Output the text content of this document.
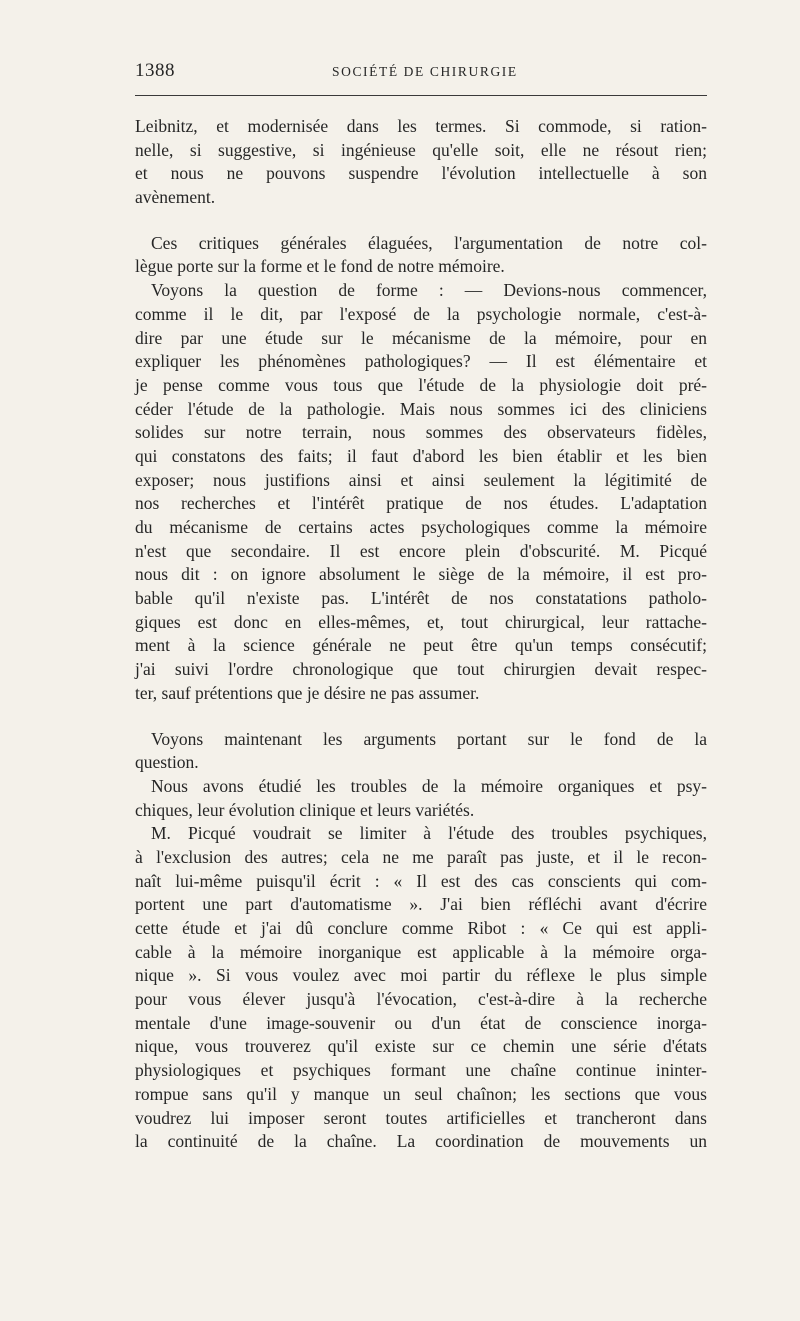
1388	SOCIÉTÉ DE CHIRURGIE
Leibnitz, et modernisée dans les termes. Si commode, si ration-
nelle, si suggestive, si ingénieuse qu'elle soit, elle ne résout rien;
et nous ne pouvons suspendre l'évolution intellectuelle à son
avènement.
Ces critiques générales élaguées, l'argumentation de notre col-
lègue porte sur la forme et le fond de notre mémoire.
Voyons la question de forme : — Devions-nous commencer,
comme il le dit, par l'exposé de la psychologie normale, c'est-à-
dire par une étude sur le mécanisme de la mémoire, pour en
expliquer les phénomènes pathologiques? — Il est élémentaire et
je pense comme vous tous que l'étude de la physiologie doit pré-
céder l'étude de la pathologie. Mais nous sommes ici des cliniciens
solides sur notre terrain, nous sommes des observateurs fidèles,
qui constatons des faits; il faut d'abord les bien établir et les bien
exposer; nous justifions ainsi et ainsi seulement la légitimité de
nos recherches et l'intérêt pratique de nos études. L'adaptation
du mécanisme de certains actes psychologiques comme la mémoire
n'est que secondaire. Il est encore plein d'obscurité. M. Picqué
nous dit : on ignore absolument le siège de la mémoire, il est pro-
bable qu'il n'existe pas. L'intérêt de nos constatations patholo-
giques est donc en elles-mêmes, et, tout chirurgical, leur rattache-
ment à la science générale ne peut être qu'un temps consécutif;
j'ai suivi l'ordre chronologique que tout chirurgien devait respec-
ter, sauf prétentions que je désire ne pas assumer.
Voyons maintenant les arguments portant sur le fond de la
question.
Nous avons étudié les troubles de la mémoire organiques et psy-
chiques, leur évolution clinique et leurs variétés.
M. Picqué voudrait se limiter à l'étude des troubles psychiques,
à l'exclusion des autres; cela ne me paraît pas juste, et il le recon-
naît lui-même puisqu'il écrit : « Il est des cas conscients qui com-
portent une part d'automatisme ». J'ai bien réfléchi avant d'écrire
cette étude et j'ai dû conclure comme Ribot : « Ce qui est appli-
cable à la mémoire inorganique est applicable à la mémoire orga-
nique ». Si vous voulez avec moi partir du réflexe le plus simple
pour vous élever jusqu'à l'évocation, c'est-à-dire à la recherche
mentale d'une image-souvenir ou d'un état de conscience inorga-
nique, vous trouverez qu'il existe sur ce chemin une série d'états
physiologiques et psychiques formant une chaîne continue ininter-
rompue sans qu'il y manque un seul chaînon; les sections que vous
voudrez lui imposer seront toutes artificielles et trancheront dans
la continuité de la chaîne. La coordination de mouvements un
